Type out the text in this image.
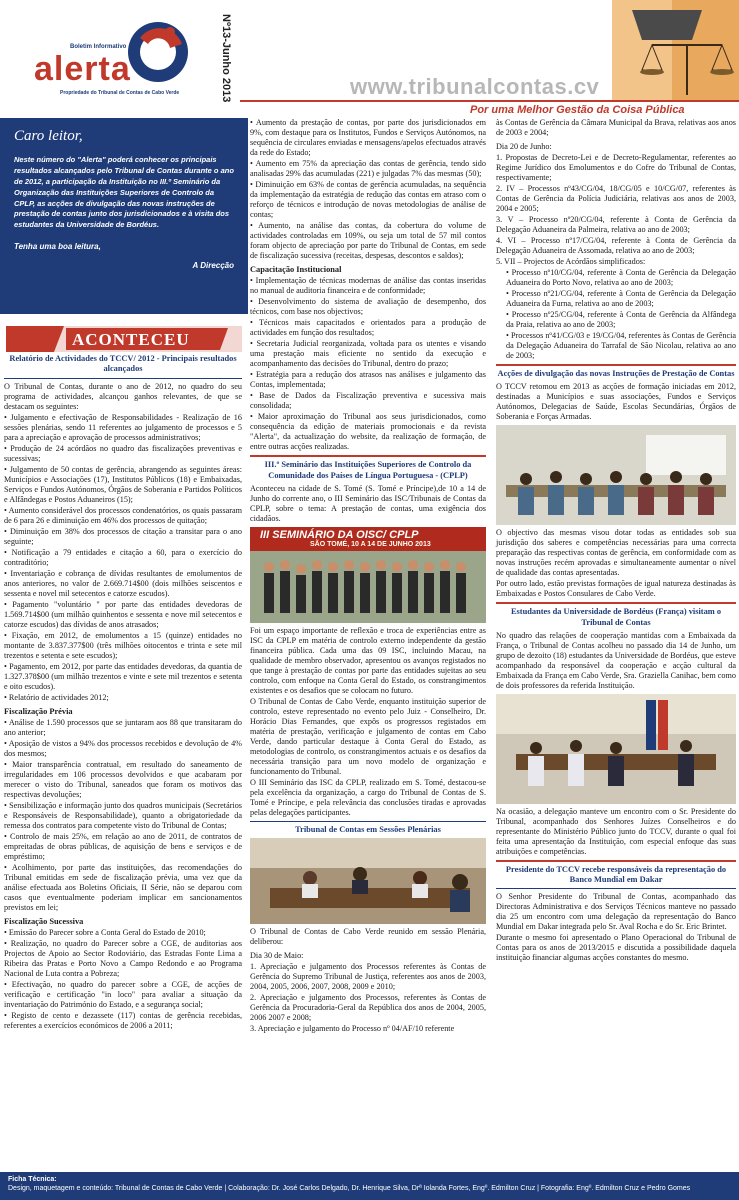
Boletim Informativo
alerta
Propriedade do Tribunal de Contas de Cabo Verde	Nº13-Junho 2013	www.tribunalcontas.cv
Por uma Melhor Gestão da Coisa Pública
Caro leitor,

Neste número do "Alerta" poderá conhecer os principais resultados alcançados pelo Tribunal de Contas durante o ano de 2012, a participação da Instituição no III.º Seminário da Organização das Instituições Superiores de Controlo da CPLP, as acções de divulgação das novas instruções de prestação de contas junto dos jurisdicionados e à visita dos estudantes da Universidade de Bordéus.

Tenha uma boa leitura,

A Direcção
ACONTECEU
Relatório de Actividades do TCCV/ 2012 - Principais resultados alcançados

O Tribunal de Contas, durante o ano de 2012, no quadro do seu programa de actividades, alcançou ganhos relevantes, de que se destacam os seguintes:

• Julgamento e efectivação de Responsabilidades - Realização de 16 sessões plenárias, sendo 11 referentes ao julgamento de processos e 5 para a apreciação e aprovação de processos administrativos;

• Produção de 24 acórdãos no quadro das fiscalizações preventivas e sucessivas;

• Julgamento de 50 contas de gerência, abrangendo as seguintes áreas: Municípios e Associações (17), Institutos Públicos (18) e Embaixadas, Serviços e Fundos Autónomos, Órgãos de Soberania e Partidos Políticos e Alfândegas e Postos Aduaneiros (15);

• Aumento considerável dos processos condenatórios, os quais passaram de 6 para 26 e diminuição em 46% dos processos de quitação;

• Diminuição em 38% dos processos de citação a transitar para o ano seguinte;

• Notificação a 79 entidades e citação a 60, para o exercício do contraditório;

• Inventariação e cobrança de dívidas resultantes de emolumentos de anos anteriores, no valor de 2.669.714$00 (dois milhões seiscentos e sessenta e novel mil setecentos e catorze escudos).

• Pagamento "voluntário " por parte das entidades devedoras de 1.569.714$00 (um milhão quinhentos e sessenta e nove mil setecentos e catorze escudos) das dívidas de anos atrasados;

• Fixação, em 2012, de emolumentos a 15 (quinze) entidades no montante de 3.837.377$00 (três milhões oitocentos e trinta e sete mil trezentos e setenta e sete escudos);

• Pagamento, em 2012, por parte das entidades devedoras, da quantia de 1.327.378$00 (um milhão trezentos e vinte e sete mil trezentos e setenta e oito escudos).

• Relatório de actividades 2012;

Fiscalização Prévia

• Análise de 1.590 processos que se juntaram aos 88 que transitaram do ano anterior;

• Aposição de vistos a 94% dos processos recebidos e devolução de 4% dos mesmos;

• Maior transparência contratual, em resultado do saneamento de irregularidades em 106 processos devolvidos e que acabaram por merecer o visto do Tribunal, saneados que foram os motivos das respectivas devoluções;

• Sensibilização e informação junto dos quadros municipais (Secretários e Responsáveis de Responsabilidade), quanto a obrigatoriedade da remessa dos contratos para competente visto do Tribunal de Contas;

• Controlo de mais 25%, em relação ao ano de 2011, de contratos de empreitadas de obras públicas, de aquisição de bens e serviços e de empréstimo;

• Acolhimento, por parte das instituições, das recomendações do Tribunal emitidas em sede de fiscalização prévia, uma vez que da análise efectuada aos Boletins Oficiais, II Série, não se deparou com casos que eventualmente poderiam implicar em sancionamentos previstos em lei;

Fiscalização Sucessiva

• Emissão do Parecer sobre a Conta Geral do Estado de 2010;

• Realização, no quadro do Parecer sobre a CGE, de auditorias aos Projectos de Apoio ao Sector Rodoviário, das Estradas Fonte Lima a Ribeira das Pratas e Porto Novo a Campo Redondo e ao Programa Nacional de Luta contra a Pobreza;

• Efectivação, no quadro do parecer sobre a CGE, de acções de verificação e certificação "in loco" para avaliar a situação da inventariação do Património do Estado, e a segurança social;

• Registo de cento e dezassete (117) contas de gerência recebidas, referentes a exercícios económicos de 2006 a 2011;

• Aumento da prestação de contas, por parte dos jurisdicionados em 9%, com destaque para os Institutos, Fundos e Serviços Autónomos, na sequência de circulares enviadas e mensagens/apelos efectuados através da rede do Estado;

• Aumento em 75% da apreciação das contas de gerência, tendo sido analisadas 29% das acumuladas (221) e julgadas 7% das mesmas (50);

• Diminuição em 63% de contas de gerência acumuladas, na sequência da implementação da estratégia de redução das contas em atraso com o reforço de técnicos e introdução de novas metodologias de análise de contas;

• Aumento, na análise das contas, da cobertura do volume de actividades controladas em 109%, ou seja um total de 57 mil contos foram objecto de apreciação por parte do Tribunal de Contas, em sede de fiscalização sucessiva (receitas, despesas, descontos e saldos);

Capacitação Institucional

• Implementação de técnicas modernas de análise das contas inseridas no manual de auditoria financeira e de conformidade;

• Desenvolvimento do sistema de avaliação de desempenho, dos técnicos, com base nos objectivos;

• Técnicos mais capacitados e orientados para a produção de actividades em função dos resultados;

• Secretaria Judicial reorganizada, voltada para os utentes e visando uma prestação mais eficiente no sentido da execução e acompanhamento das decisões do Tribunal, dentro do prazo;

• Estratégia para a redução dos atrasos nas análises e julgamento das Contas, implementada;

• Base de Dados da Fiscalização preventiva e sucessiva mais consolidada;

• Maior aproximação do Tribunal aos seus jurisdicionados, como consequência da edição de materiais promocionais e da revista "Alerta", da actualização do website, da realização de formação, de entre outras acções realizadas.

III.º Seminário das Instituições Superiores de Controlo da Comunidade dos Países de Língua Portuguesa - (CPLP)

Aconteceu na cidade de S. Tomé (S. Tomé e Príncipe),de 10 a 14 de Junho do corrente ano, o III Seminário das ISC/Tribunais de Contas da CPLP, sobre o tema: A prestação de contas, uma exigência dos cidadãos.

III SEMINÁRIO DA OISC/ CPLP
SÃO TOMÉ, 10 A 14 DE JUNHO 2013

Foi um espaço importante de reflexão e troca de experiências entre as ISC da CPLP em matéria de controlo externo independente da gestão financeira pública. Cada uma das 09 ISC, incluindo Macau, na qualidade de membro observador, apresentou os avanços registados no que tange à prestação de contas por parte das entidades sujeitas ao seu controlo, com enfoque na Conta Geral do Estado, os constrangimentos existentes e os desafios que se colocam no futuro.

O Tribunal de Contas de Cabo Verde, enquanto instituição superior de controlo, esteve representado no evento pelo Juiz - Conselheiro, Dr. Horácio Dias Fernandes, que expôs os progressos registados em matéria de prestação, verificação e julgamento de contas em Cabo Verde, dando particular destaque à Conta Geral do Estado, as metodologias de controlo, os constrangimentos actuais e os desafios da necessária transição para um novo modelo de organização e funcionamento do Tribunal.

O III Seminário das ISC da CPLP, realizado em S. Tomé, destacou-se pela excelência da organização, a cargo do Tribunal de Contas de S. Tomé e Príncipe, e pela relevância das conclusões tiradas e aprovadas pelas delegações participantes.

Tribunal de Contas em Sessões Plenárias

O Tribunal de Contas de Cabo Verde reunido em sessão Plenária, deliberou:

Dia 30 de Maio:

1. Apreciação e julgamento dos Processos referentes às Contas de Gerência do Supremo Tribunal de Justiça, referentes aos anos de 2003, 2004, 2005, 2006, 2007, 2008, 2009 e 2010;

2. Apreciação e julgamento dos Processos, referentes às Contas de Gerência da Procuradoria-Geral da República dos anos de 2004, 2005, 2006 2007 e 2008;

3. Apreciação e julgamento do Processo nº 04/AF/10 referente

às Contas de Gerência da Câmara Municipal da Brava, relativas aos anos de 2003 e 2004;

Dia 20 de Junho:

1. Propostas de Decreto-Lei e de Decreto-Regulamentar, referentes ao Regime Jurídico dos Emolumentos e do Cofre do Tribunal de Contas, respectivamente;

2. IV – Processos nº43/CG/04, 18/CG/05 e 10/CG/07, referentes às Contas de Gerência da Polícia Judiciária, relativas aos anos de 2003, 2004 e 2005;

3. V – Processo nº20/CG/04, referente à Conta de Gerência da Delegação Aduaneira da Palmeira, relativa ao ano de 2003;

4. VI – Processo nº17/CG/04, referente à Conta de Gerência da Delegação Aduaneira de Assomada, relativa ao ano de 2003;

5. VII – Projectos de Acórdãos simplificados:

• Processo nº10/CG/04, referente à Conta de Gerência da Delegação Aduaneira do Porto Novo, relativa ao ano de 2003;

• Processo nº21/CG/04, referente à Conta de Gerência da Delegação Aduaneira da Furna, relativa ao ano de 2003;

• Processo nº25/CG/04, referente à Conta de Gerência da Alfândega da Praia, relativa ao ano de 2003;

• Processos nº41/CG/03 e 19/CG/04, referentes às Contas de Gerência da Delegação Aduaneira do Tarrafal de São Nicolau, relativa ao ano de 2003;

Acções de divulgação das novas Instruções de Prestação de Contas

O TCCV retomou em 2013 as acções de formação iniciadas em 2012, destinadas a Municípios e suas associações, Fundos e Serviços Autónomos, Delegacias de Saúde, Escolas Secundárias, Órgãos de Soberania e Forças Armadas.

O objectivo das mesmas visou dotar todas as entidades sob sua jurisdição dos saberes e competências necessárias para uma correcta preparação das respectivas contas de gerência, em conformidade com as novas instruções recém aprovadas e simultaneamente aumentar o nível de qualidade das contas apresentadas.

Por outro lado, estão previstas formações de igual natureza destinadas às Embaixadas e Postos Consulares de Cabo Verde.

Estudantes da Universidade de Bordéus (França) visitam o Tribunal de Contas

No quadro das relações de cooperação mantidas com a Embaixada da França, o Tribunal de Contas acolheu no passado dia 14 de Junho, um grupo de dezoito (18) estudantes da Universidade de Bordéus, que esteve acompanhado da responsável da cooperação e acção cultural da Embaixada da França em Cabo Verde, Sra. Graziella Canihac, bem como de dois professores da referida Instituição.

Na ocasião, a delegação manteve um encontro com o Sr. Presidente do Tribunal, acompanhado dos Senhores Juízes Conselheiros e do representante do Ministério Público junto do TCCV, durante o qual foi feita uma apresentação da Instituição, com especial enfoque das suas atribuições e competências.

Presidente do TCCV recebe responsáveis da representação do Banco Mundial em Dakar

O Senhor Presidente do Tribunal de Contas, acompanhado das Directoras Administrativa e dos Serviços Técnicos manteve no passado dia 25 um encontro com uma delegação da representação do Banco Mundial em Dakar integrada pelo Sr. Aval Rocha e do Sr. Eric Brintet.

Durante o mesmo foi apresentado o Plano Operacional do Tribunal de Contas para os anos de 2013/2015 e discutida a possibilidade daquela instituição financiar algumas acções constantes do mesmo.

Ficha Técnica:
Design, maquetagem e conteúdo: Tribunal de Contas de Cabo Verde | Colaboração: Dr. José Carlos Delgado, Dr. Henrique Silva, Drª Iolanda Fortes, Engº. Edmilton Cruz | Fotografia: Engº. Edmilton Cruz e Pedro Gomes
